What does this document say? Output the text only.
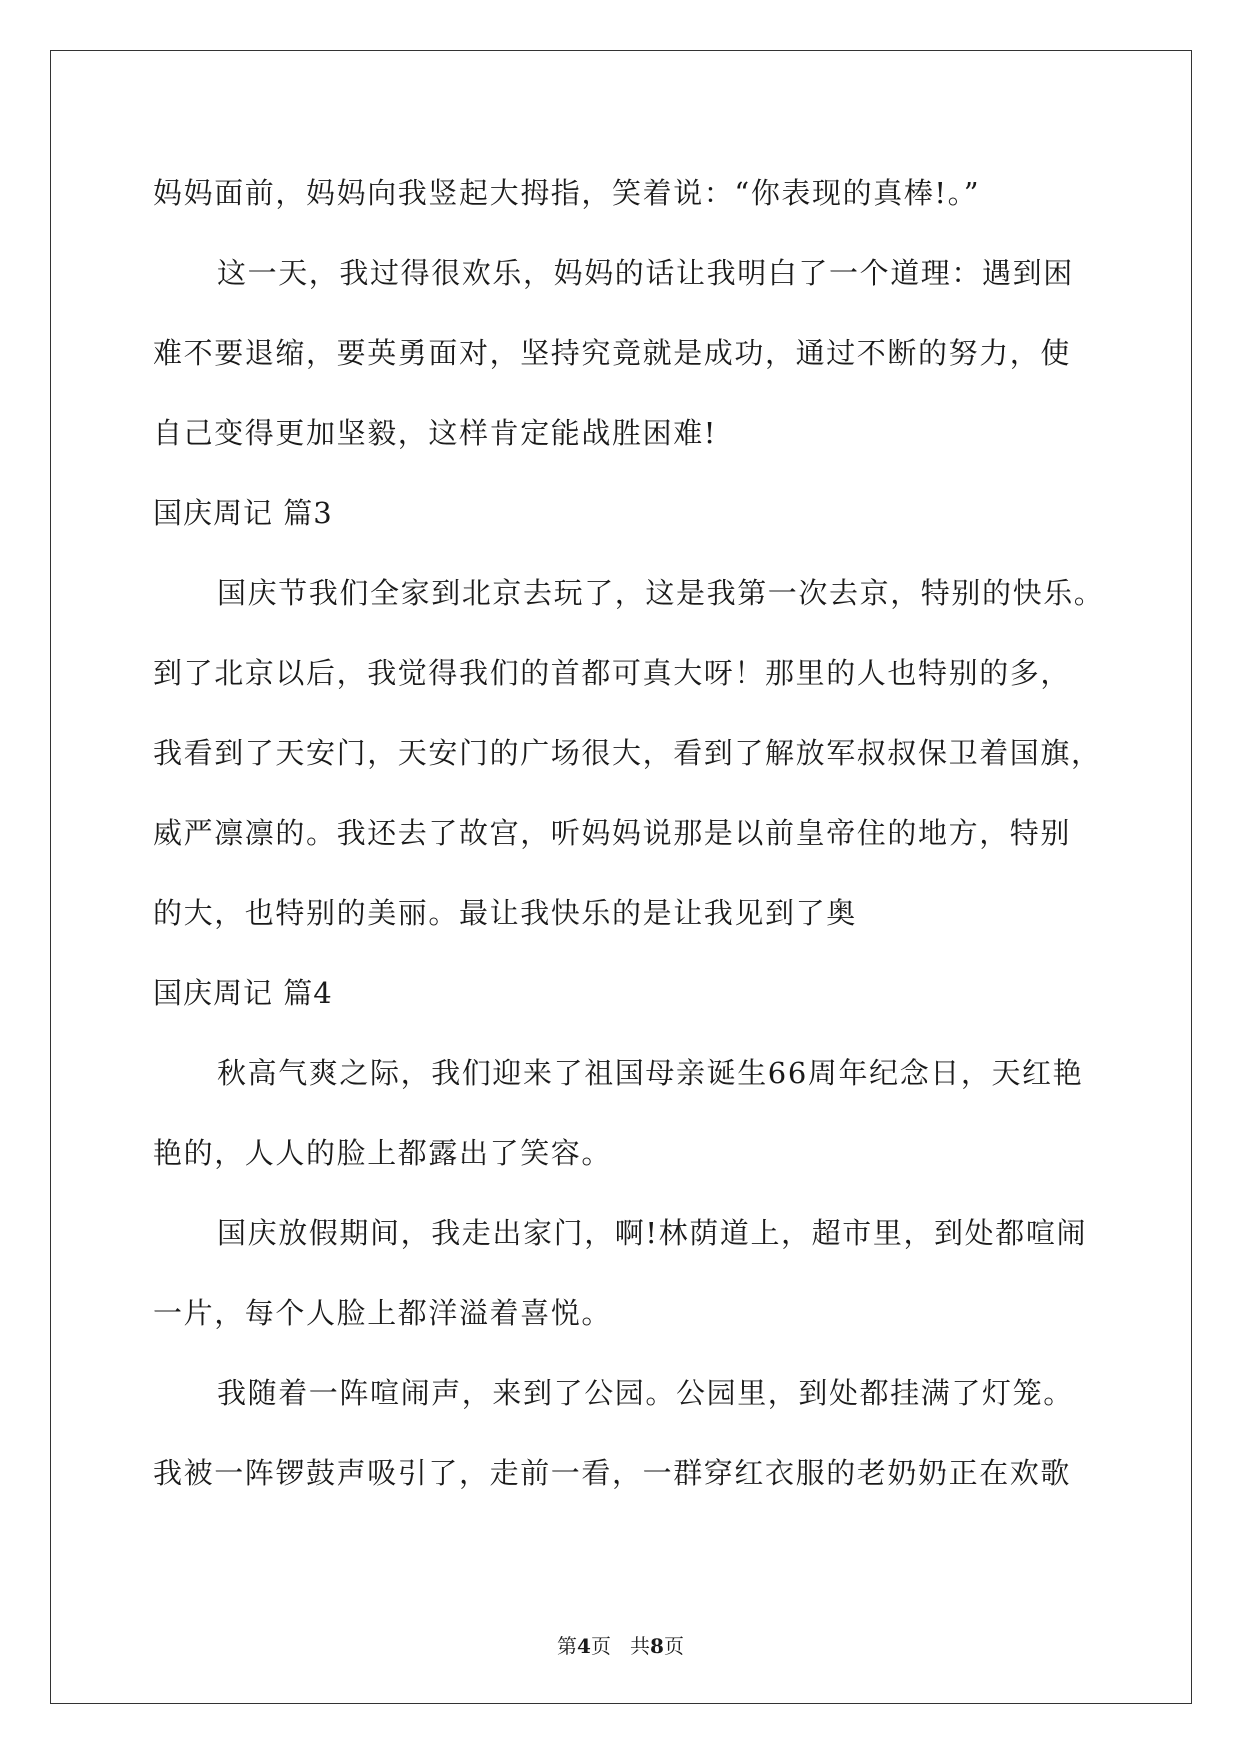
妈妈面前，妈妈向我竖起大拇指，笑着说：“你表现的真棒!。”
这一天，我过得很欢乐，妈妈的话让我明白了一个道理：遇到困
难不要退缩，要英勇面对，坚持究竟就是成功，通过不断的努力，使
自己变得更加坚毅，这样肯定能战胜困难!
国庆周记 篇3
国庆节我们全家到北京去玩了，这是我第一次去京，特别的快乐。
到了北京以后，我觉得我们的首都可真大呀！那里的人也特别的多，
我看到了天安门，天安门的广场很大，看到了解放军叔叔保卫着国旗，
威严凛凛的。我还去了故宫，听妈妈说那是以前皇帝住的地方，特别
的大，也特别的美丽。最让我快乐的是让我见到了奥
国庆周记 篇4
秋高气爽之际，我们迎来了祖国母亲诞生66周年纪念日，天红艳
艳的，人人的脸上都露出了笑容。
国庆放假期间，我走出家门，啊!林荫道上，超市里，到处都喧闹
一片，每个人脸上都洋溢着喜悦。
我随着一阵喧闹声，来到了公园。公园里，到处都挂满了灯笼。
我被一阵锣鼓声吸引了，走前一看，一群穿红衣服的老奶奶正在欢歌
第4页   共8页
